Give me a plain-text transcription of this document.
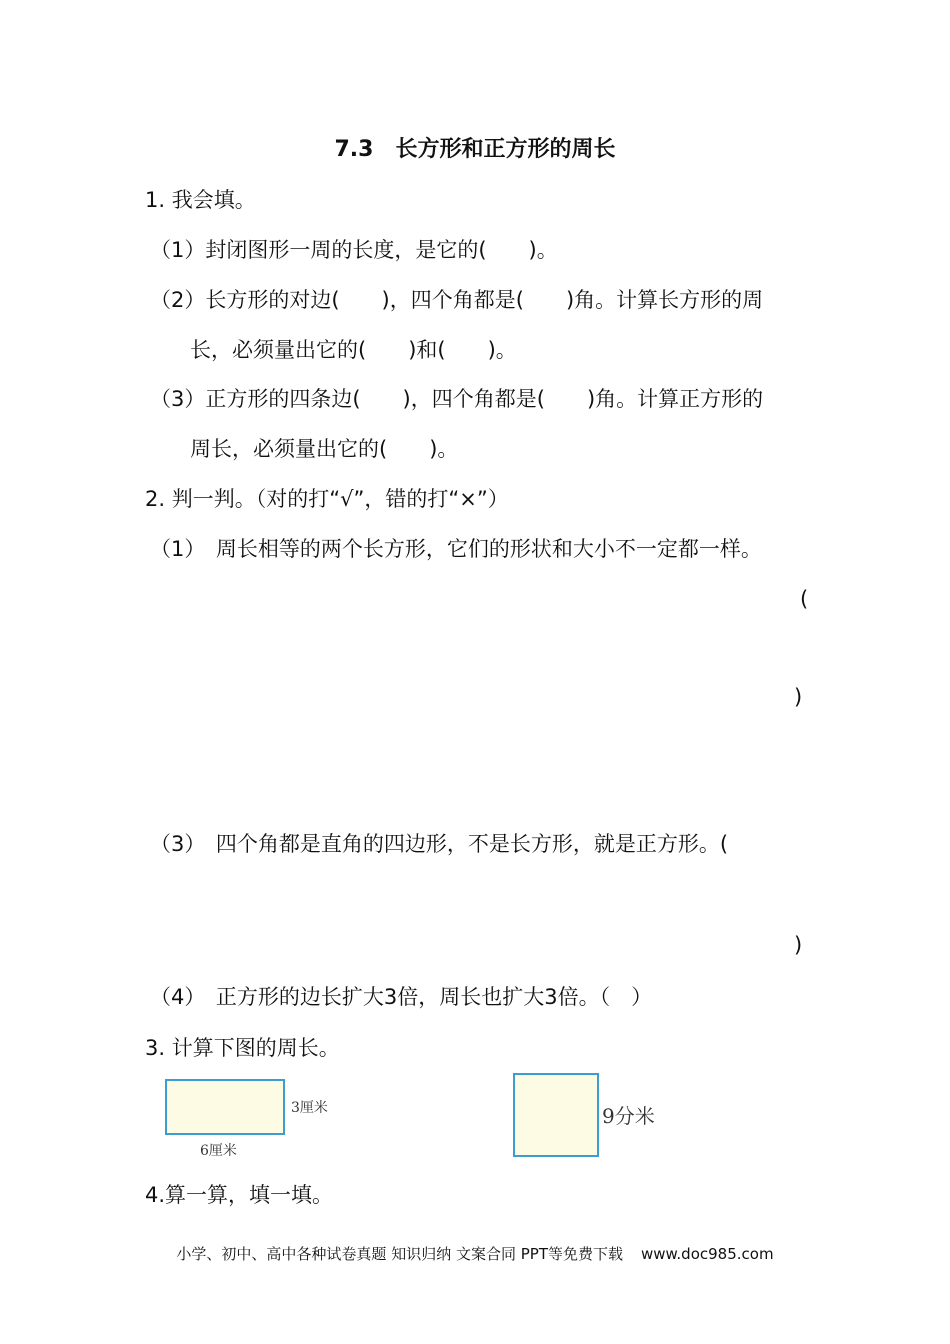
7.3　长方形和正方形的周长
1. 我会填。
（1）封闭图形一周的长度，是它的(　　)。
（2）长方形的对边(　　)，四个角都是(　　)角。计算长方形的周
长，必须量出它的(　　)和(　　)。
（3）正方形的四条边(　　)，四个角都是(　　)角。计算正方形的
周长，必须量出它的(　　)。
2. 判一判。（对的打“√”，错的打“×”）
（1）　周长相等的两个长方形，它们的形状和大小不一定都一样。
(
)
（3）　四个角都是直角的四边形，不是长方形，就是正方形。(
)
（4）　正方形的边长扩大3倍，周长也扩大3倍。（　）
3. 计算下图的周长。
3厘米
6厘米
9分米
4.算一算，填一填。
小学、初中、高中各种试卷真题 知识归纳 文案合同 PPT等免费下载 www.doc985.com
